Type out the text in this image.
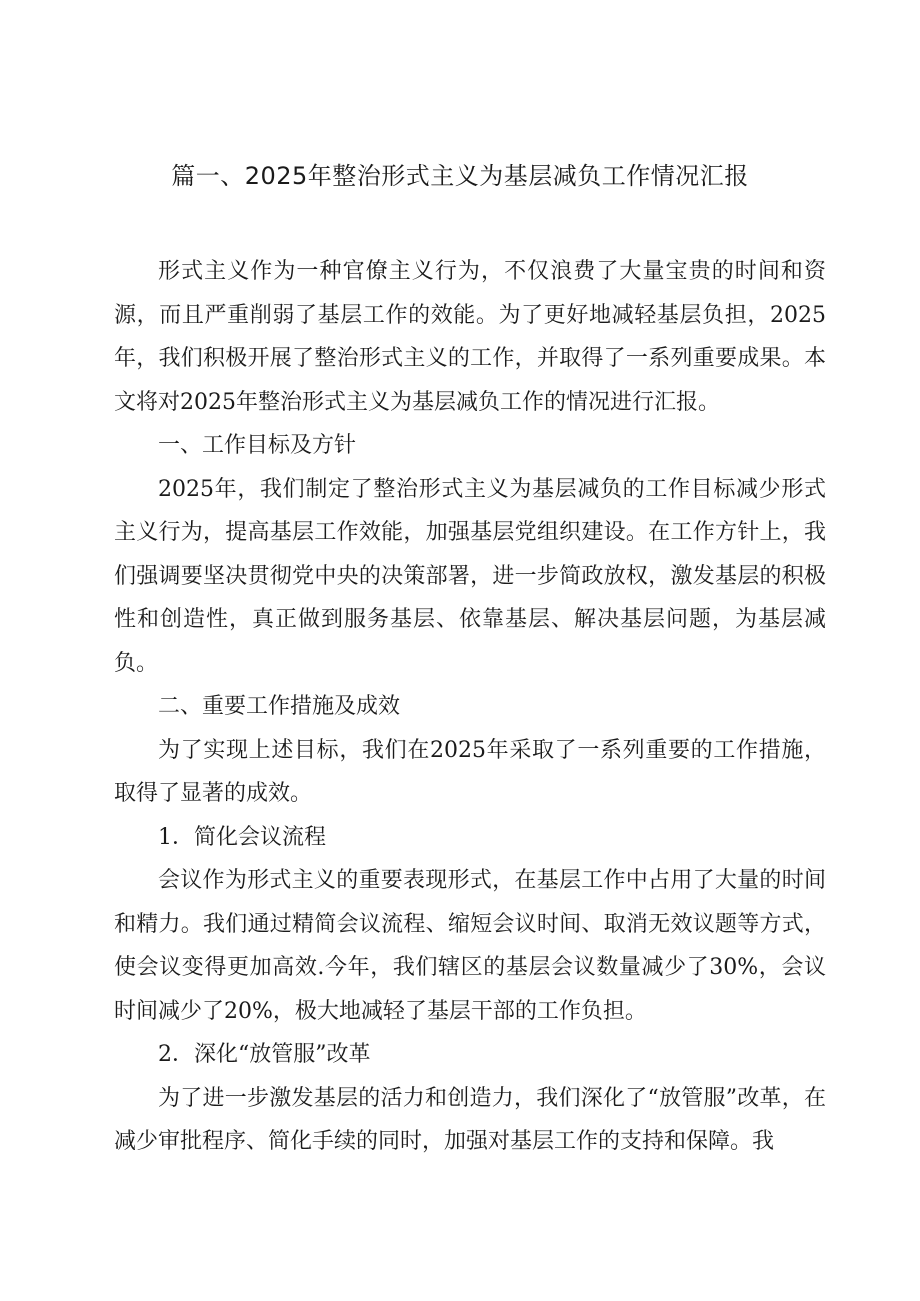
篇一、2025年整治形式主义为基层减负工作情况汇报

形式主义作为一种官僚主义行为，不仅浪费了大量宝贵的时间和资源，而且严重削弱了基层工作的效能。为了更好地减轻基层负担，2025年，我们积极开展了整治形式主义的工作，并取得了一系列重要成果。本文将对2025年整治形式主义为基层减负工作的情况进行汇报。

一、工作目标及方针

2025年，我们制定了整治形式主义为基层减负的工作目标减少形式主义行为，提高基层工作效能，加强基层党组织建设。在工作方针上，我们强调要坚决贯彻党中央的决策部署，进一步简政放权，激发基层的积极性和创造性，真正做到服务基层、依靠基层、解决基层问题，为基层减负。

二、重要工作措施及成效

为了实现上述目标，我们在2025年采取了一系列重要的工作措施，取得了显著的成效。

1．简化会议流程

会议作为形式主义的重要表现形式，在基层工作中占用了大量的时间和精力。我们通过精简会议流程、缩短会议时间、取消无效议题等方式，使会议变得更加高效.今年，我们辖区的基层会议数量减少了30%，会议时间减少了20%，极大地减轻了基层干部的工作负担。

2．深化“放管服”改革

为了进一步激发基层的活力和创造力，我们深化了“放管服”改革，在减少审批程序、简化手续的同时，加强对基层工作的支持和保障。我
